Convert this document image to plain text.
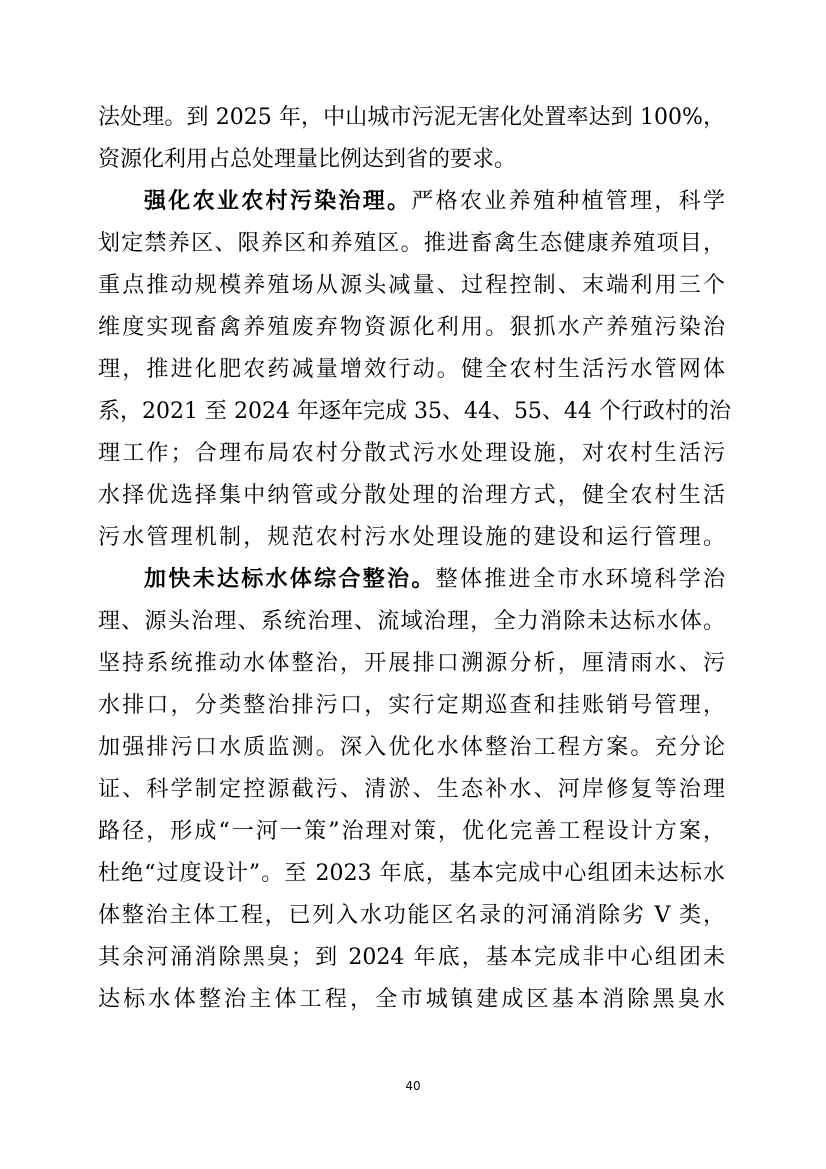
法处理。到 2025 年，中山城市污泥无害化处置率达到 100%，

资源化利用占总处理量比例达到省的要求。

强化农业农村污染治理。严格农业养殖种植管理，科学

划定禁养区、限养区和养殖区。推进畜禽生态健康养殖项目，

重点推动规模养殖场从源头减量、过程控制、末端利用三个

维度实现畜禽养殖废弃物资源化利用。狠抓水产养殖污染治

理，推进化肥农药减量增效行动。健全农村生活污水管网体

系，2021 至 2024 年逐年完成 35、44、55、44 个行政村的治

理工作；合理布局农村分散式污水处理设施，对农村生活污

水择优选择集中纳管或分散处理的治理方式，健全农村生活

污水管理机制，规范农村污水处理设施的建设和运行管理。

加快未达标水体综合整治。整体推进全市水环境科学治

理、源头治理、系统治理、流域治理，全力消除未达标水体。

坚持系统推动水体整治，开展排口溯源分析，厘清雨水、污

水排口，分类整治排污口，实行定期巡查和挂账销号管理，

加强排污口水质监测。深入优化水体整治工程方案。充分论

证、科学制定控源截污、清淤、生态补水、河岸修复等治理

路径，形成“一河一策”治理对策，优化完善工程设计方案，

杜绝“过度设计”。至 2023 年底，基本完成中心组团未达标水

体整治主体工程，已列入水功能区名录的河涌消除劣 V 类，

其余河涌消除黑臭；到 2024 年底，基本完成非中心组团未

达标水体整治主体工程，全市城镇建成区基本消除黑臭水

40
